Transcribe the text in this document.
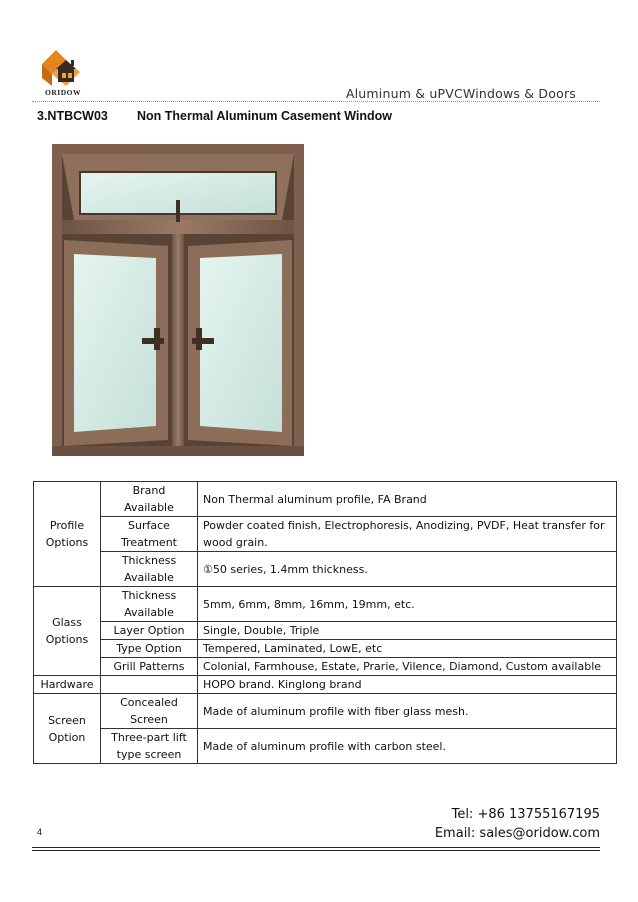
ORIDOW	Aluminum & uPVCWindows & Doors
3.NTBCW03 Non Thermal Aluminum Casement Window
Profile Options	Brand Available	Non Thermal aluminum profile, FA Brand
	Surface Treatment	Powder coated finish, Electrophoresis, Anodizing, PVDF, Heat transfer for wood grain.
	Thickness Available	①50 series, 1.4mm thickness.
Glass Options	Thickness Available	5mm, 6mm, 8mm, 16mm, 19mm, etc.
	Layer Option	Single, Double, Triple
	Type Option	Tempered, Laminated, LowE, etc
	Grill Patterns	Colonial, Farmhouse, Estate, Prarie, Vilence, Diamond, Custom available
Hardware		HOPO brand. Kinglong brand
Screen Option	Concealed Screen	Made of aluminum profile with fiber glass mesh.
	Three-part lift type screen	Made of aluminum profile with carbon steel.
4
Tel: +86 13755167195
Email: sales@oridow.com
